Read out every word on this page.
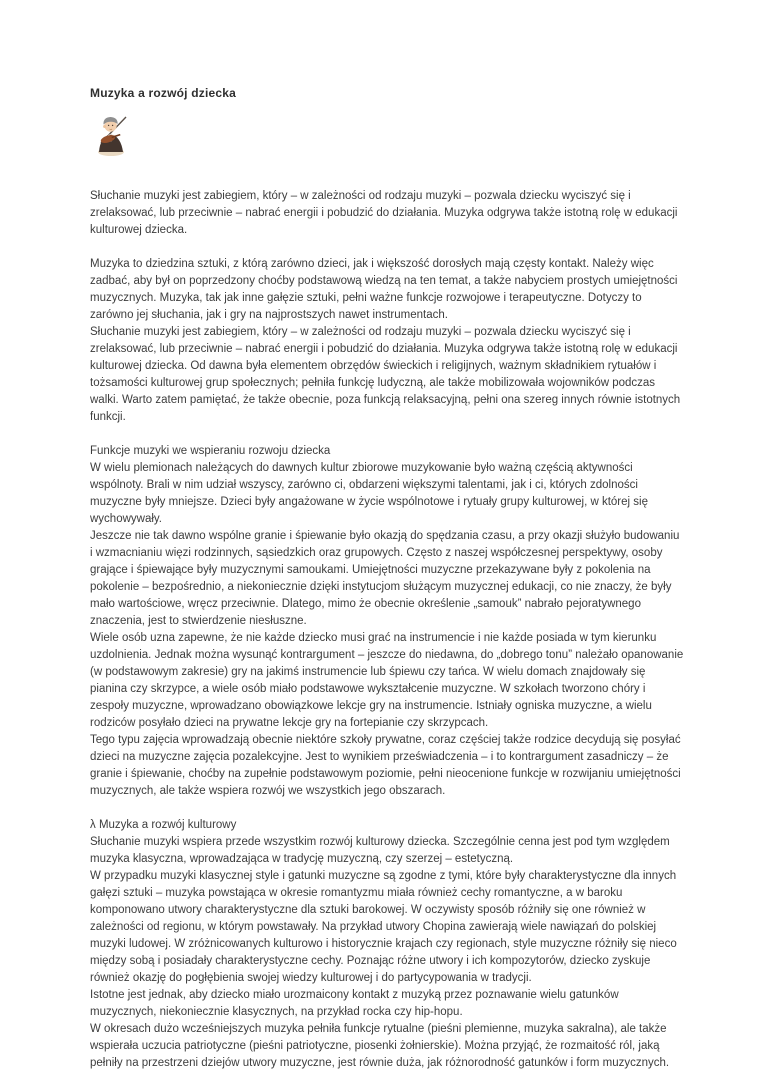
Muzyka a rozwój dziecka

Słuchanie muzyki jest zabiegiem, który – w zależności od rodzaju muzyki – pozwala dziecku wyciszyć się i zrelaksować, lub przeciwnie – nabrać energii i pobudzić do działania. Muzyka odgrywa także istotną rolę w edukacji kulturowej dziecka.

Muzyka to dziedzina sztuki, z którą zarówno dzieci, jak i większość dorosłych mają częsty kontakt. Należy więc zadbać, aby był on poprzedzony choćby podstawową wiedzą na ten temat, a także nabyciem prostych umiejętności muzycznych. Muzyka, tak jak inne gałęzie sztuki, pełni ważne funkcje rozwojowe i terapeutyczne. Dotyczy to zarówno jej słuchania, jak i gry na najprostszych nawet instrumentach.

Słuchanie muzyki jest zabiegiem, który – w zależności od rodzaju muzyki – pozwala dziecku wyciszyć się i zrelaksować, lub przeciwnie – nabrać energii i pobudzić do działania. Muzyka odgrywa także istotną rolę w edukacji kulturowej dziecka. Od dawna była elementem obrzędów świeckich i religijnych, ważnym składnikiem rytuałów i tożsamości kulturowej grup społecznych; pełniła funkcję ludyczną, ale także mobilizowała wojowników podczas walki. Warto zatem pamiętać, że także obecnie, poza funkcją relaksacyjną, pełni ona szereg innych równie istotnych funkcji.

Funkcje muzyki we wspieraniu rozwoju dziecka

W wielu plemionach należących do dawnych kultur zbiorowe muzykowanie było ważną częścią aktywności wspólnoty. Brali w nim udział wszyscy, zarówno ci, obdarzeni większymi talentami, jak i ci, których zdolności muzyczne były mniejsze. Dzieci były angażowane w życie wspólnotowe i rytuały grupy kulturowej, w której się wychowywały.

Jeszcze nie tak dawno wspólne granie i śpiewanie było okazją do spędzania czasu, a przy okazji służyło budowaniu i wzmacnianiu więzi rodzinnych, sąsiedzkich oraz grupowych. Często z naszej współczesnej perspektywy, osoby grające i śpiewające były muzycznymi samoukami. Umiejętności muzyczne przekazywane były z pokolenia na pokolenie – bezpośrednio, a niekoniecznie dzięki instytucjom służącym muzycznej edukacji, co nie znaczy, że były mało wartościowe, wręcz przeciwnie. Dlatego, mimo że obecnie określenie „samouk” nabrało pejoratywnego znaczenia, jest to stwierdzenie niesłuszne.

Wiele osób uzna zapewne, że nie każde dziecko musi grać na instrumencie i nie każde posiada w tym kierunku uzdolnienia. Jednak można wysunąć kontrargument – jeszcze do niedawna, do „dobrego tonu” należało opanowanie (w podstawowym zakresie) gry na jakimś instrumencie lub śpiewu czy tańca. W wielu domach znajdowały się pianina czy skrzypce, a wiele osób miało podstawowe wykształcenie muzyczne. W szkołach tworzono chóry i zespoły muzyczne, wprowadzano obowiązkowe lekcje gry na instrumencie. Istniały ogniska muzyczne, a wielu rodziców posyłało dzieci na prywatne lekcje gry na fortepianie czy skrzypcach.

Tego typu zajęcia wprowadzają obecnie niektóre szkoły prywatne, coraz częściej także rodzice decydują się posyłać dzieci na muzyczne zajęcia pozalekcyjne. Jest to wynikiem przeświadczenia – i to kontrargument zasadniczy – że granie i śpiewanie, choćby na zupełnie podstawowym poziomie, pełni nieocenione funkcje w rozwijaniu umiejętności muzycznych, ale także wspiera rozwój we wszystkich jego obszarach.

λ Muzyka a rozwój kulturowy

Słuchanie muzyki wspiera przede wszystkim rozwój kulturowy dziecka. Szczególnie cenna jest pod tym względem muzyka klasyczna, wprowadzająca w tradycję muzyczną, czy szerzej – estetyczną.

W przypadku muzyki klasycznej style i gatunki muzyczne są zgodne z tymi, które były charakterystyczne dla innych gałęzi sztuki – muzyka powstająca w okresie romantyzmu miała również cechy romantyczne, a w baroku komponowano utwory charakterystyczne dla sztuki barokowej. W oczywisty sposób różniły się one również w zależności od regionu, w którym powstawały. Na przykład utwory Chopina zawierają wiele nawiązań do polskiej muzyki ludowej. W zróżnicowanych kulturowo i historycznie krajach czy regionach, style muzyczne różniły się nieco między sobą i posiadały charakterystyczne cechy. Poznając różne utwory i ich kompozytorów, dziecko zyskuje również okazję do pogłębienia swojej wiedzy kulturowej i do partycypowania w tradycji.

Istotne jest jednak, aby dziecko miało urozmaicony kontakt z muzyką przez poznawanie wielu gatunków muzycznych, niekoniecznie klasycznych, na przykład rocka czy hip-hopu.

W okresach dużo wcześniejszych muzyka pełniła funkcje rytualne (pieśni plemienne, muzyka sakralna), ale także wspierała uczucia patriotyczne (pieśni patriotyczne, piosenki żołnierskie). Można przyjąć, że rozmaitość ról, jaką pełniły na przestrzeni dziejów utwory muzyczne, jest równie duża, jak różnorodność gatunków i form muzycznych.
